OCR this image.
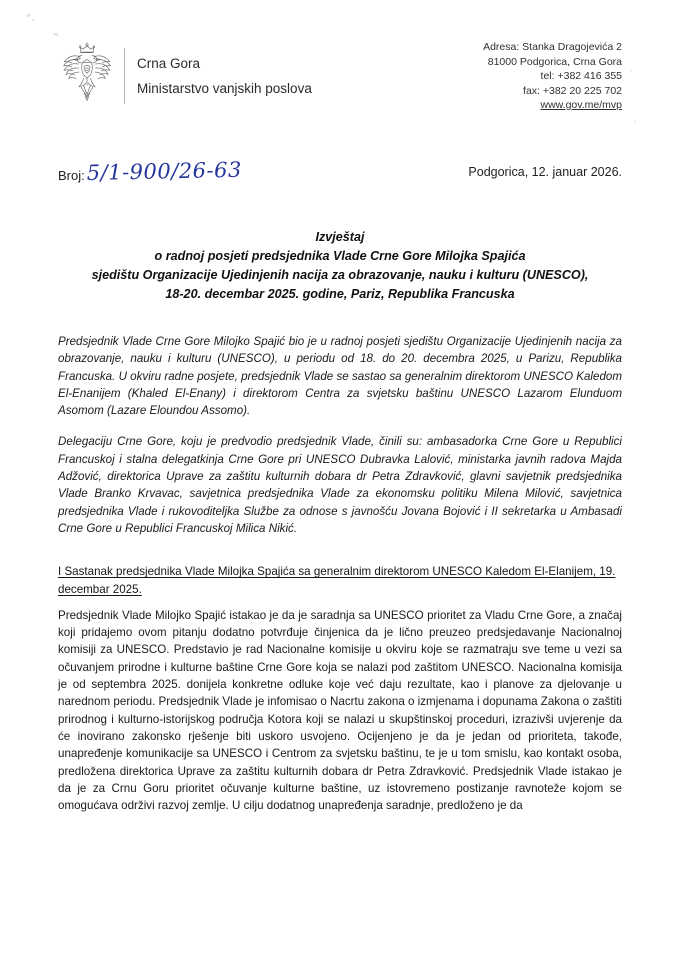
Crna Gora
Ministarstvo vanjskih poslova
Adresa: Stanka Dragojevića 2
81000 Podgorica, Crna Gora
tel: +382 416 355
fax: +382 20 225 702
www.gov.me/mvp
Broj: 5/1-900/26-63	Podgorica, 12. januar 2026.
Izvještaj
o radnoj posjeti predsjednika Vlade Crne Gore Milojka Spajića
sjedištu Organizacije Ujedinjenih nacija za obrazovanje, nauku i kulturu (UNESCO),
18-20. decembar 2025. godine, Pariz, Republika Francuska

Predsjednik Vlade Crne Gore Milojko Spajić bio je u radnoj posjeti sjedištu Organizacije Ujedinjenih nacija za obrazovanje, nauku i kulturu (UNESCO), u periodu od 18. do 20. decembra 2025, u Parizu, Republika Francuska. U okviru radne posjete, predsjednik Vlade se sastao sa generalnim direktorom UNESCO Kaledom El-Enanijem (Khaled El-Enany) i direktorom Centra za svjetsku baštinu UNESCO Lazarom Elunduom Asomom (Lazare Eloundou Assomo).

Delegaciju Crne Gore, koju je predvodio predsjednik Vlade, činili su: ambasadorka Crne Gore u Republici Francuskoj i stalna delegatkinja Crne Gore pri UNESCO Dubravka Lalović, ministarka javnih radova Majda Adžović, direktorica Uprave za zaštitu kulturnih dobara dr Petra Zdravković, glavni savjetnik predsjednika Vlade Branko Krvavac, savjetnica predsjednika Vlade za ekonomsku politiku Milena Milović, savjetnica predsjednika Vlade i rukovoditeljka Službe za odnose s javnošću Jovana Bojović i II sekretarka u Ambasadi Crne Gore u Republici Francuskoj Milica Nikić.

I Sastanak predsjednika Vlade Milojka Spajića sa generalnim direktorom UNESCO Kaledom El-Elanijem, 19. decembar 2025.

Predsjednik Vlade Milojko Spajić istakao je da je saradnja sa UNESCO prioritet za Vladu Crne Gore, a značaj koji pridajemo ovom pitanju dodatno potvrđuje činjenica da je lično preuzeo predsjedavanje Nacionalnoj komisiji za UNESCO. Predstavio je rad Nacionalne komisije u okviru koje se razmatraju sve teme u vezi sa očuvanjem prirodne i kulturne baštine Crne Gore koja se nalazi pod zaštitom UNESCO. Nacionalna komisija je od septembra 2025. donijela konkretne odluke koje već daju rezultate, kao i planove za djelovanje u narednom periodu. Predsjednik Vlade je infomisao o Nacrtu zakona o izmjenama i dopunama Zakona o zaštiti prirodnog i kulturno-istorijskog područja Kotora koji se nalazi u skupštinskoj proceduri, izrazivši uvjerenje da će inovirano zakonsko rješenje biti uskoro usvojeno. Ocijenjeno je da je jedan od prioriteta, takođe, unapređenje komunikacije sa UNESCO i Centrom za svjetsku baštinu, te je u tom smislu, kao kontakt osoba, predložena direktorica Uprave za zaštitu kulturnih dobara dr Petra Zdravković. Predsjednik Vlade istakao je da je za Crnu Goru prioritet očuvanje kulturne baštine, uz istovremeno postizanje ravnoteže kojom se omogućava održivi razvoj zemlje. U cilju dodatnog unapređenja saradnje, predloženo je da
